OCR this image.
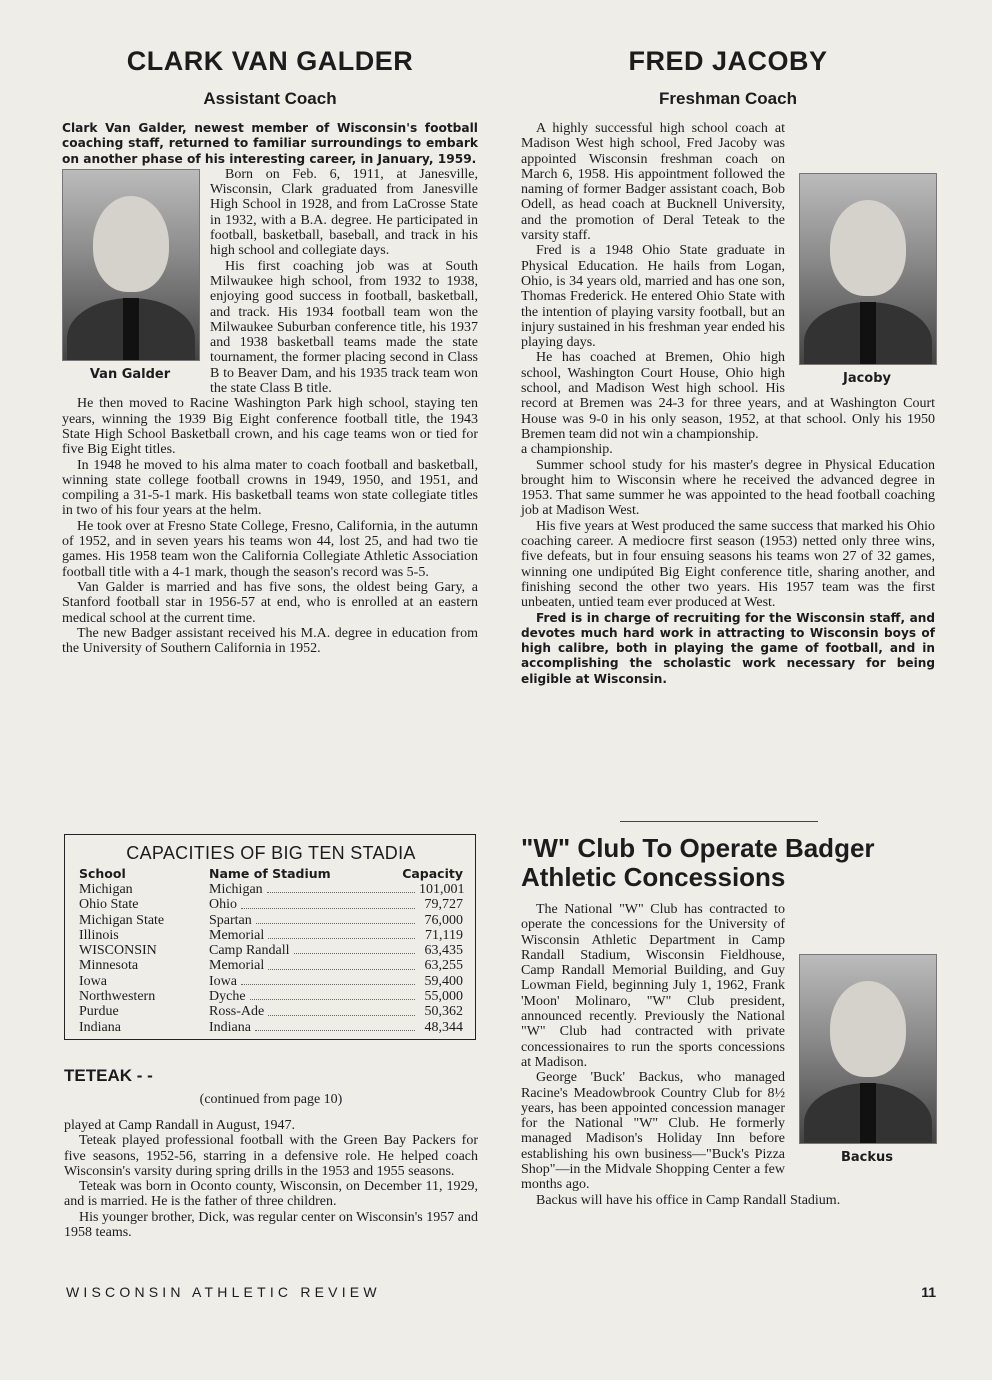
CLARK VAN GALDER
Assistant Coach

Clark Van Galder, newest member of Wisconsin's football coaching staff, returned to familiar surroundings to embark on another phase of his interesting career, in January, 1959.

Van Galder

Born on Feb. 6, 1911, at Janesville, Wisconsin, Clark graduated from Janesville High School in 1928, and from LaCrosse State in 1932, with a B.A. degree. He participated in football, basketball, baseball, and track in his high school and collegiate days.

His first coaching job was at South Milwaukee high school, from 1932 to 1938, enjoying good success in football, basketball, and track. His 1934 football team won the Milwaukee Suburban conference title, his 1937 and 1938 basketball teams made the state tournament, the former placing second in Class B to Beaver Dam, and his 1935 track team won the state Class B title.

He then moved to Racine Washington Park high school, staying ten years, winning the 1939 Big Eight conference football title, the 1943 State High School Basketball crown, and his cage teams won or tied for five Big Eight titles.

In 1948 he moved to his alma mater to coach football and basketball, winning state college football crowns in 1949, 1950, and 1951, and compiling a 31-5-1 mark. His basketball teams won state collegiate titles in two of his four years at the helm.

He took over at Fresno State College, Fresno, California, in the autumn of 1952, and in seven years his teams won 44, lost 25, and had two tie games. His 1958 team won the California Collegiate Athletic Association football title with a 4-1 mark, though the season's record was 5-5.

Van Galder is married and has five sons, the oldest being Gary, a Stanford football star in 1956-57 at end, who is enrolled at an eastern medical school at the current time.

The new Badger assistant received his M.A. degree in education from the University of Southern California in 1952.

FRED JACOBY
Freshman Coach
Jacoby

A highly successful high school coach at Madison West high school, Fred Jacoby was appointed Wisconsin freshman coach on March 6, 1958. His appointment followed the naming of former Badger assistant coach, Bob Odell, as head coach at Bucknell University, and the promotion of Deral Teteak to the varsity staff.

Fred is a 1948 Ohio State graduate in Physical Education. He hails from Logan, Ohio, is 34 years old, married and has one son, Thomas Frederick. He entered Ohio State with the intention of playing varsity football, but an injury sustained in his freshman year ended his playing days.

He has coached at Bremen, Ohio high school, Washington Court House, Ohio high school, and Madison West high school. His record at Bremen was 24-3 for three years, and at Washington Court House was 9-0 in his only season, 1952, at that school. Only his 1950 Bremen team did not win a championship.

a championship.

Summer school study for his master's degree in Physical Education brought him to Wisconsin where he received the advanced degree in 1953. That same summer he was appointed to the head football coaching job at Madison West.

His five years at West produced the same success that marked his Ohio coaching career. A mediocre first season (1953) netted only three wins, five defeats, but in four ensuing seasons his teams won 27 of 32 games, winning one undipúted Big Eight conference title, sharing another, and finishing second the other two years. His 1957 team was the first unbeaten, untied team ever produced at West.

Fred is in charge of recruiting for the Wisconsin staff, and devotes much hard work in attracting to Wisconsin boys of high calibre, both in playing the game of football, and in accomplishing the scholastic work necessary for being eligible at Wisconsin.

CAPACITIES OF BIG TEN STADIA
School	Name of Stadium	Capacity
Michigan	Michigan	101,001
Ohio State	Ohio	79,727
Michigan State	Spartan	76,000
Illinois	Memorial	71,119
WISCONSIN	Camp Randall	63,435
Minnesota	Memorial	63,255
Iowa	Iowa	59,400
Northwestern	Dyche	55,000
Purdue	Ross-Ade	50,362
Indiana	Indiana	48,344
TETEAK - -
(continued from page 10)

played at Camp Randall in August, 1947.

Teteak played professional football with the Green Bay Packers for five seasons, 1952-56, starring in a defensive role. He helped coach Wisconsin's varsity during spring drills in the 1953 and 1955 seasons.

Teteak was born in Oconto county, Wisconsin, on December 11, 1929, and is married. He is the father of three children.

His younger brother, Dick, was regular center on Wisconsin's 1957 and 1958 teams.

"W" Club To Operate Badger Athletic Concessions
Backus

The National "W" Club has contracted to operate the concessions for the University of Wisconsin Athletic Department in Camp Randall Stadium, Wisconsin Fieldhouse, Camp Randall Memorial Building, and Guy Lowman Field, beginning July 1, 1962, Frank 'Moon' Molinaro, "W" Club president, announced recently. Previously the National "W" Club had contracted with private concessionaires to run the sports concessions at Madison.

George 'Buck' Backus, who managed Racine's Meadowbrook Country Club for 8½ years, has been appointed concession manager for the National "W" Club. He formerly managed Madison's Holiday Inn before establishing his own business—"Buck's Pizza Shop"—in the Midvale Shopping Center a few months ago.

Backus will have his office in Camp Randall Stadium.

WISCONSIN ATHLETIC REVIEW	11
